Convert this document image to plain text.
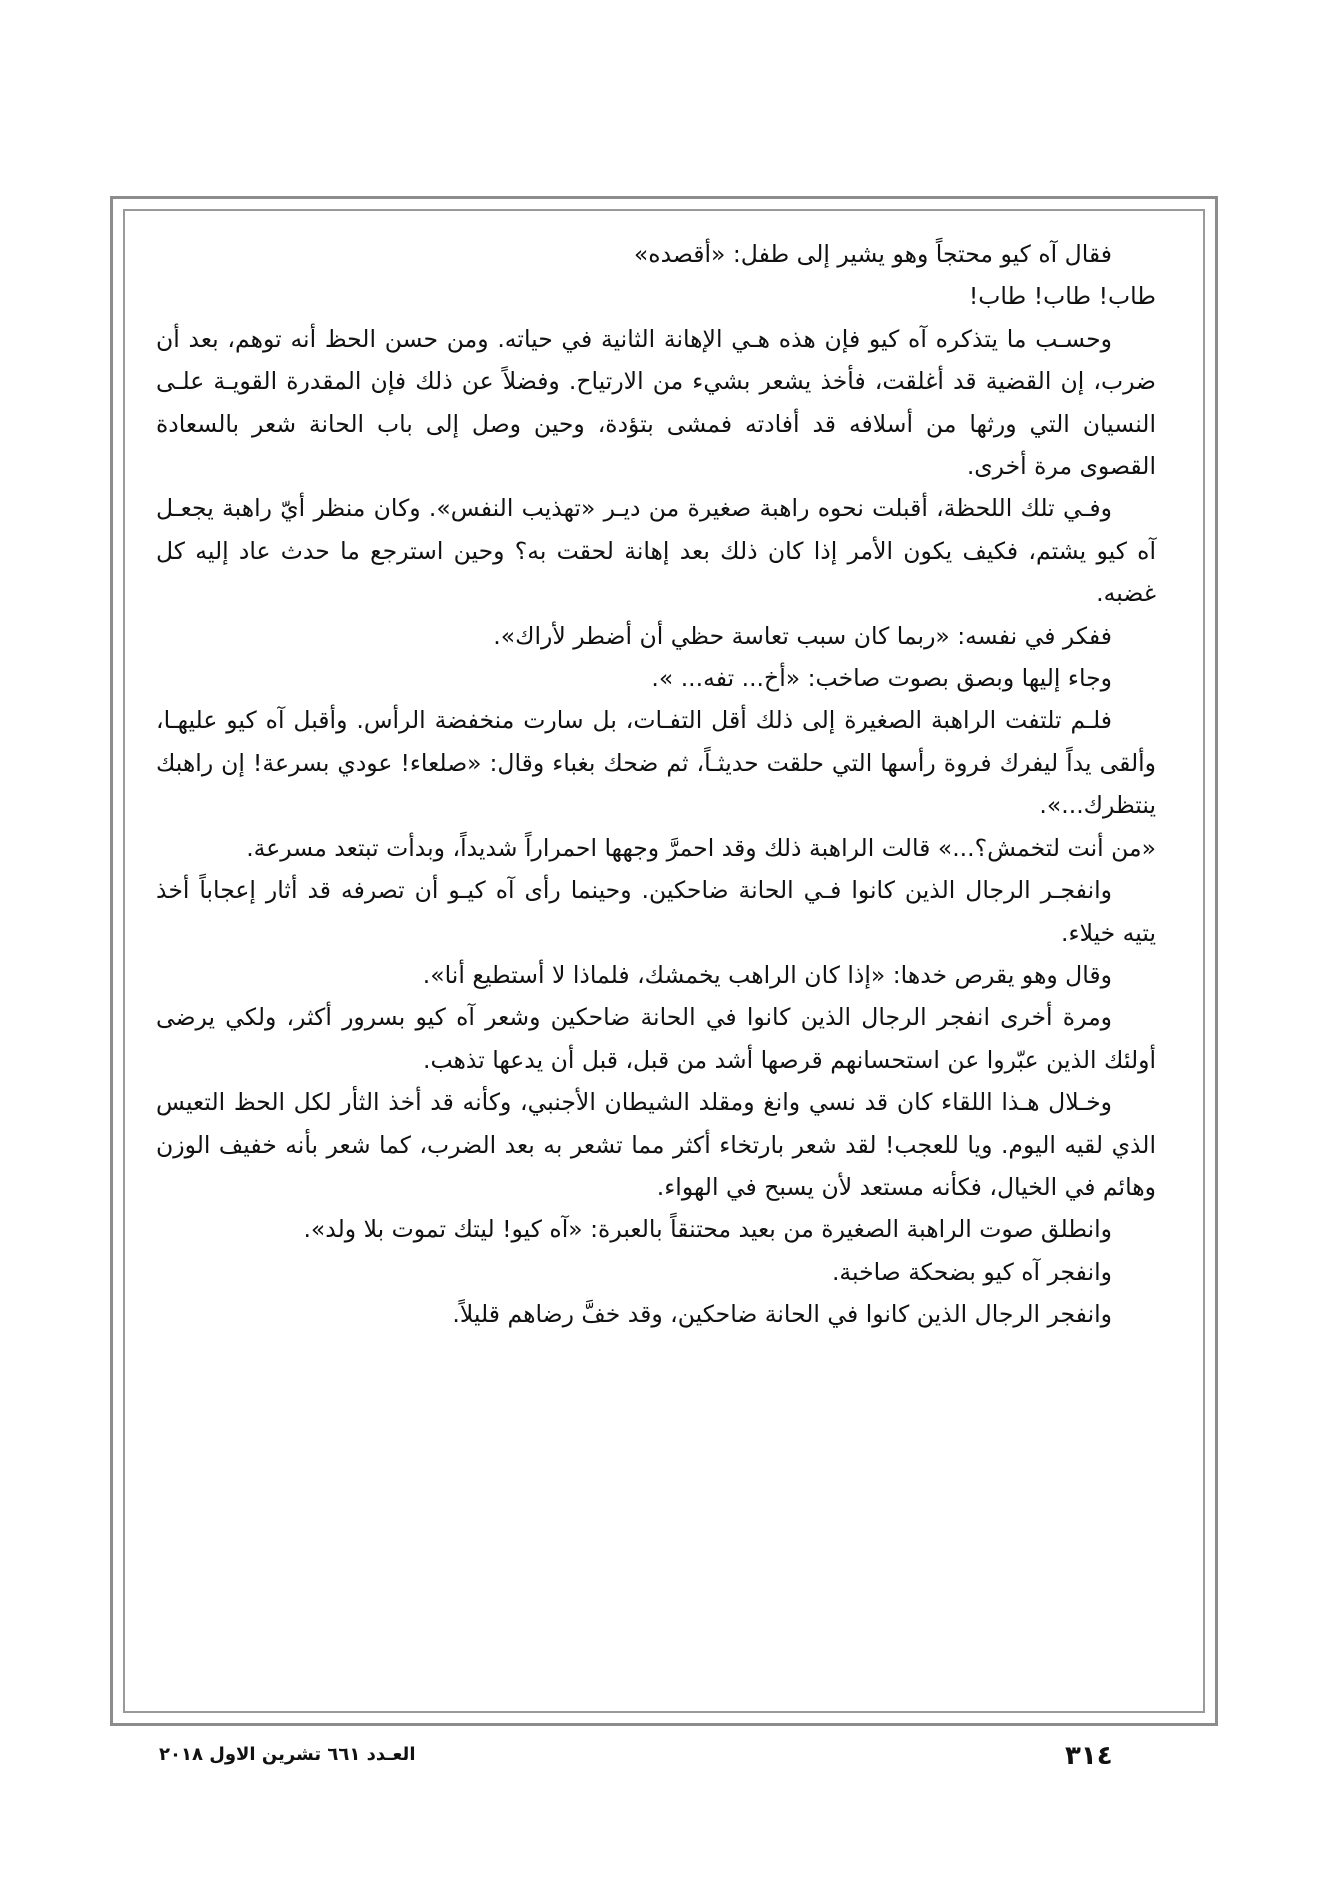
فقال آه كيو محتجاً وهو يشير إلى طفل: «أقصده»

طاب! طاب! طاب!

وحسـب ما يتذكره آه كيو فإن هذه هـي الإهانة الثانية في حياته. ومن حسن الحظ أنه توهم، بعد أن ضرب، إن القضية قد أغلقت، فأخذ يشعر بشيء من الارتياح. وفضلاً عن ذلك فإن المقدرة القويـة علـى النسيان التي ورثها من أسلافه قد أفادته فمشى بتؤدة، وحين وصل إلى باب الحانة شعر بالسعادة القصوى مرة أخرى.

وفـي تلك اللحظة، أقبلت نحوه راهبة صغيرة من ديـر «تهذيب النفس». وكان منظر أيّ راهبة يجعـل آه كيو يشتم، فكيف يكون الأمر إذا كان ذلك بعد إهانة لحقت به؟ وحين استرجع ما حدث عاد إليه كل غضبه.

ففكر في نفسه: «ربما كان سبب تعاسة حظي أن أضطر لأراك».

وجاء إليها وبصق بصوت صاخب: «أخ... تفه... ».

فلـم تلتفت الراهبة الصغيرة إلى ذلك أقل التفـات، بل سارت منخفضة الرأس. وأقبل آه كيو عليهـا، وألقى يداً ليفرك فروة رأسها التي حلقت حديثـاً، ثم ضحك بغباء وقال: «صلعاء! عودي بسرعة! إن راهبك ينتظرك...».

«من أنت لتخمش؟...» قالت الراهبة ذلك وقد احمرَّ وجهها احمراراً شديداً، وبدأت تبتعد مسرعة.

وانفجـر الرجال الذين كانوا فـي الحانة ضاحكين. وحينما رأى آه كيـو أن تصرفه قد أثار إعجاباً أخذ يتيه خيلاء.

وقال وهو يقرص خدها: «إذا كان الراهب يخمشك، فلماذا لا أستطيع أنا».

ومرة أخرى انفجر الرجال الذين كانوا في الحانة ضاحكين وشعر آه كيو بسرور أكثر، ولكي يرضى أولئك الذين عبّروا عن استحسانهم قرصها أشد من قبل، قبل أن يدعها تذهب.

وخـلال هـذا اللقاء كان قد نسي وانغ ومقلد الشيطان الأجنبي، وكأنه قد أخذ الثأر لكل الحظ التعيس الذي لقيه اليوم. ويا للعجب! لقد شعر بارتخاء أكثر مما تشعر به بعد الضرب، كما شعر بأنه خفيف الوزن وهائم في الخيال، فكأنه مستعد لأن يسبح في الهواء.

وانطلق صوت الراهبة الصغيرة من بعيد محتنقاً بالعبرة: «آه كيو! ليتك تموت بلا ولد».

وانفجر آه كيو بضحكة صاخبة.

وانفجر الرجال الذين كانوا في الحانة ضاحكين، وقد خفَّ رضاهم قليلاً.

٣١٤
العـدد ٦٦١ تشرين الاول ٢٠١٨
